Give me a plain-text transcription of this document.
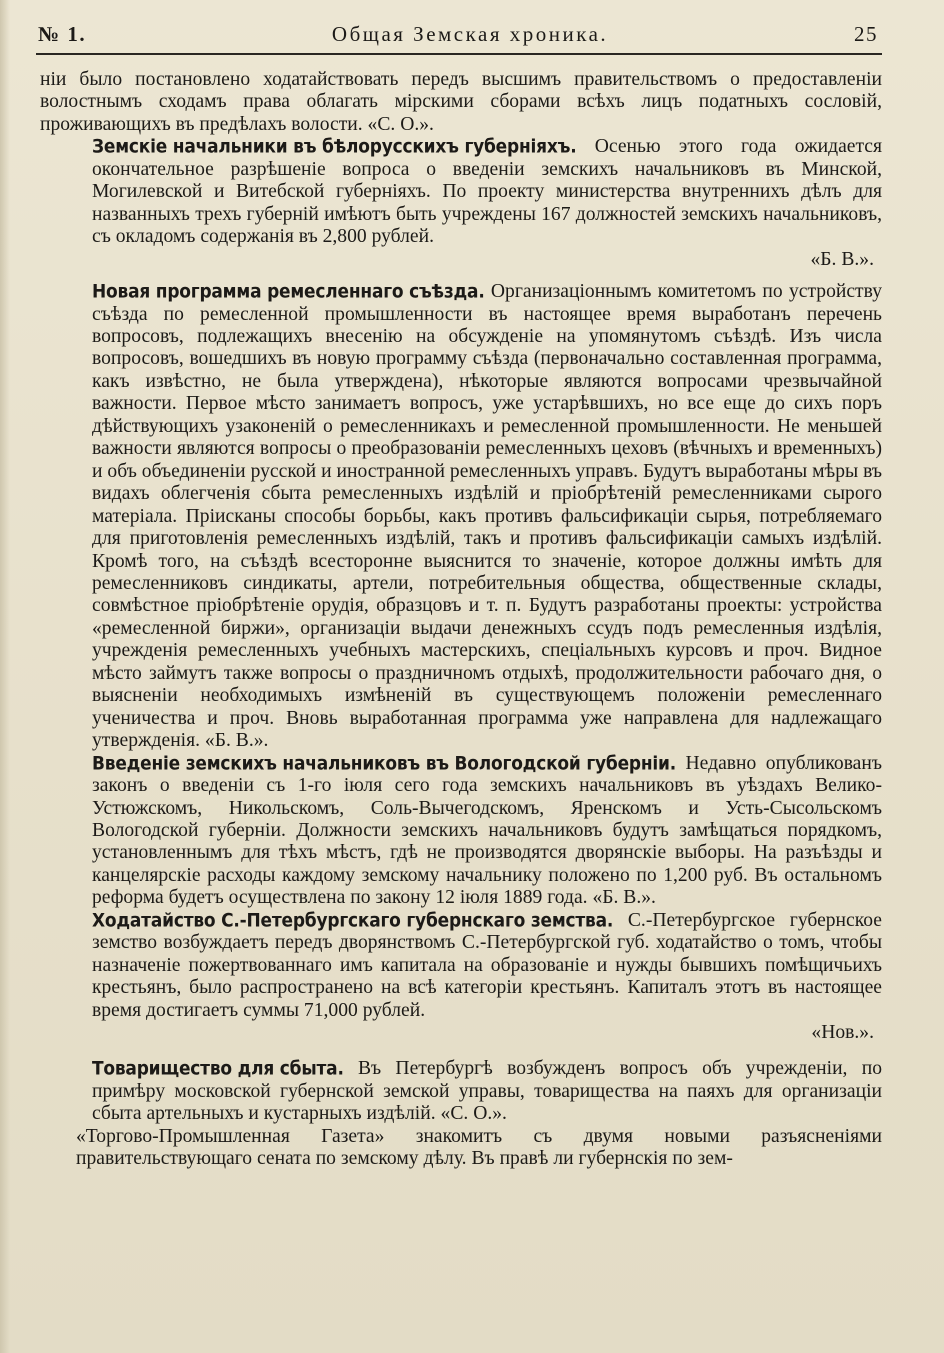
№ 1.	Общая Земская хроника.	25

нiи было постановлено ходатайствовать передъ высшимъ правительствомъ о предоставленiи волостнымъ сходамъ права облагать мiрскими сборами всѣхъ лицъ податныхъ сословiй, проживающихъ въ предѣлахъ волости. «С. О.».

Земскiе начальники въ бѣлорусскихъ губернiяхъ. Осенью этого года ожидается окончательное разрѣшенiе вопроса о введенiи земскихъ начальниковъ въ Минской, Могилевской и Витебской губернiяхъ. По проекту министерства внутреннихъ дѣлъ для названныхъ трехъ губернiй имѣютъ быть учреждены 167 должностей земскихъ начальниковъ, съ окладомъ содержанiя въ 2,800 рублей.
«Б. В.».

Новая программа ремесленнаго съѣзда. Организацiоннымъ комитетомъ по устройству съѣзда по ремесленной промышленности въ настоящее время выработанъ перечень вопросовъ, подлежащихъ внесенiю на обсужденiе на упомянутомъ съѣздѣ. Изъ числа вопросовъ, вошедшихъ въ новую программу съѣзда (первоначально составленная программа, какъ извѣстно, не была утверждена), нѣкоторые являются вопросами чрезвычайной важности. Первое мѣсто занимаетъ вопросъ, уже устарѣвшихъ, но все еще до сихъ поръ дѣйствующихъ узаконенiй о ремесленникахъ и ремесленной промышленности. Не меньшей важности являются вопросы о преобразованiи ремесленныхъ цеховъ (вѣчныхъ и временныхъ) и объ объединенiи русской и иностранной ремесленныхъ управъ. Будутъ выработаны мѣры въ видахъ облегченiя сбыта ремесленныхъ издѣлiй и прiобрѣтенiй ремесленниками сырого матерiала. Прiисканы способы борьбы, какъ противъ фальсификацiи сырья, потребляемаго для приготовленiя ремесленныхъ издѣлiй, такъ и противъ фальсификацiи самыхъ издѣлiй. Кромѣ того, на съѣздѣ всесторонне выяснится то значенiе, которое должны имѣть для ремесленниковъ синдикаты, артели, потребительныя общества, общественные склады, совмѣстное прiобрѣтенiе орудiя, образцовъ и т. п. Будутъ разработаны проекты: устройства «ремесленной биржи», организацiи выдачи денежныхъ ссудъ подъ ремесленныя издѣлiя, учрежденiя ремесленныхъ учебныхъ мастерскихъ, спецiальныхъ курсовъ и проч. Видное мѣсто займутъ также вопросы о праздничномъ отдыхѣ, продолжительности рабочаго дня, о выясненiи необходимыхъ измѣненiй въ существующемъ положенiи ремесленнаго ученичества и проч. Вновь выработанная программа уже направлена для надлежащаго утвержденiя. «Б. В.».

Введенiе земскихъ начальниковъ въ Вологодской губернiи. Недавно опубликованъ законъ о введенiи съ 1-го iюля сего года земскихъ начальниковъ въ уѣздахъ Велико-Устюжскомъ, Никольскомъ, Соль-Вычегодскомъ, Яренскомъ и Усть-Сысольскомъ Вологодской губернiи. Должности земскихъ начальниковъ будутъ замѣщаться порядкомъ, установленнымъ для тѣхъ мѣстъ, гдѣ не производятся дворянскiе выборы. На разъѣзды и канцелярскiе расходы каждому земскому начальнику положено по 1,200 руб. Въ остальномъ реформа будетъ осуществлена по закону 12 iюля 1889 года. «Б. В.».

Ходатайство С.-Петербургскаго губернскаго земства. С.-Петербургское губернское земство возбуждаетъ передъ дворянствомъ С.-Петербургской губ. ходатайство о томъ, чтобы назначенiе пожертвованнаго имъ капитала на образованiе и нужды бывшихъ помѣщичьихъ крестьянъ, было распространено на всѣ категорiи крестьянъ. Капиталъ этотъ въ настоящее время достигаетъ суммы 71,000 рублей.
«Нов.».

Товарищество для сбыта. Въ Петербургѣ возбужденъ вопросъ объ учрежденiи, по примѣру московской губернской земской управы, товарищества на паяхъ для организацiи сбыта артельныхъ и кустарныхъ издѣлiй. «С. О.».

«Торгово-Промышленная Газета» знакомитъ съ двумя новыми разъясненiями правительствующаго сената по земскому дѣлу. Въ правѣ ли губернскiя по зем-
